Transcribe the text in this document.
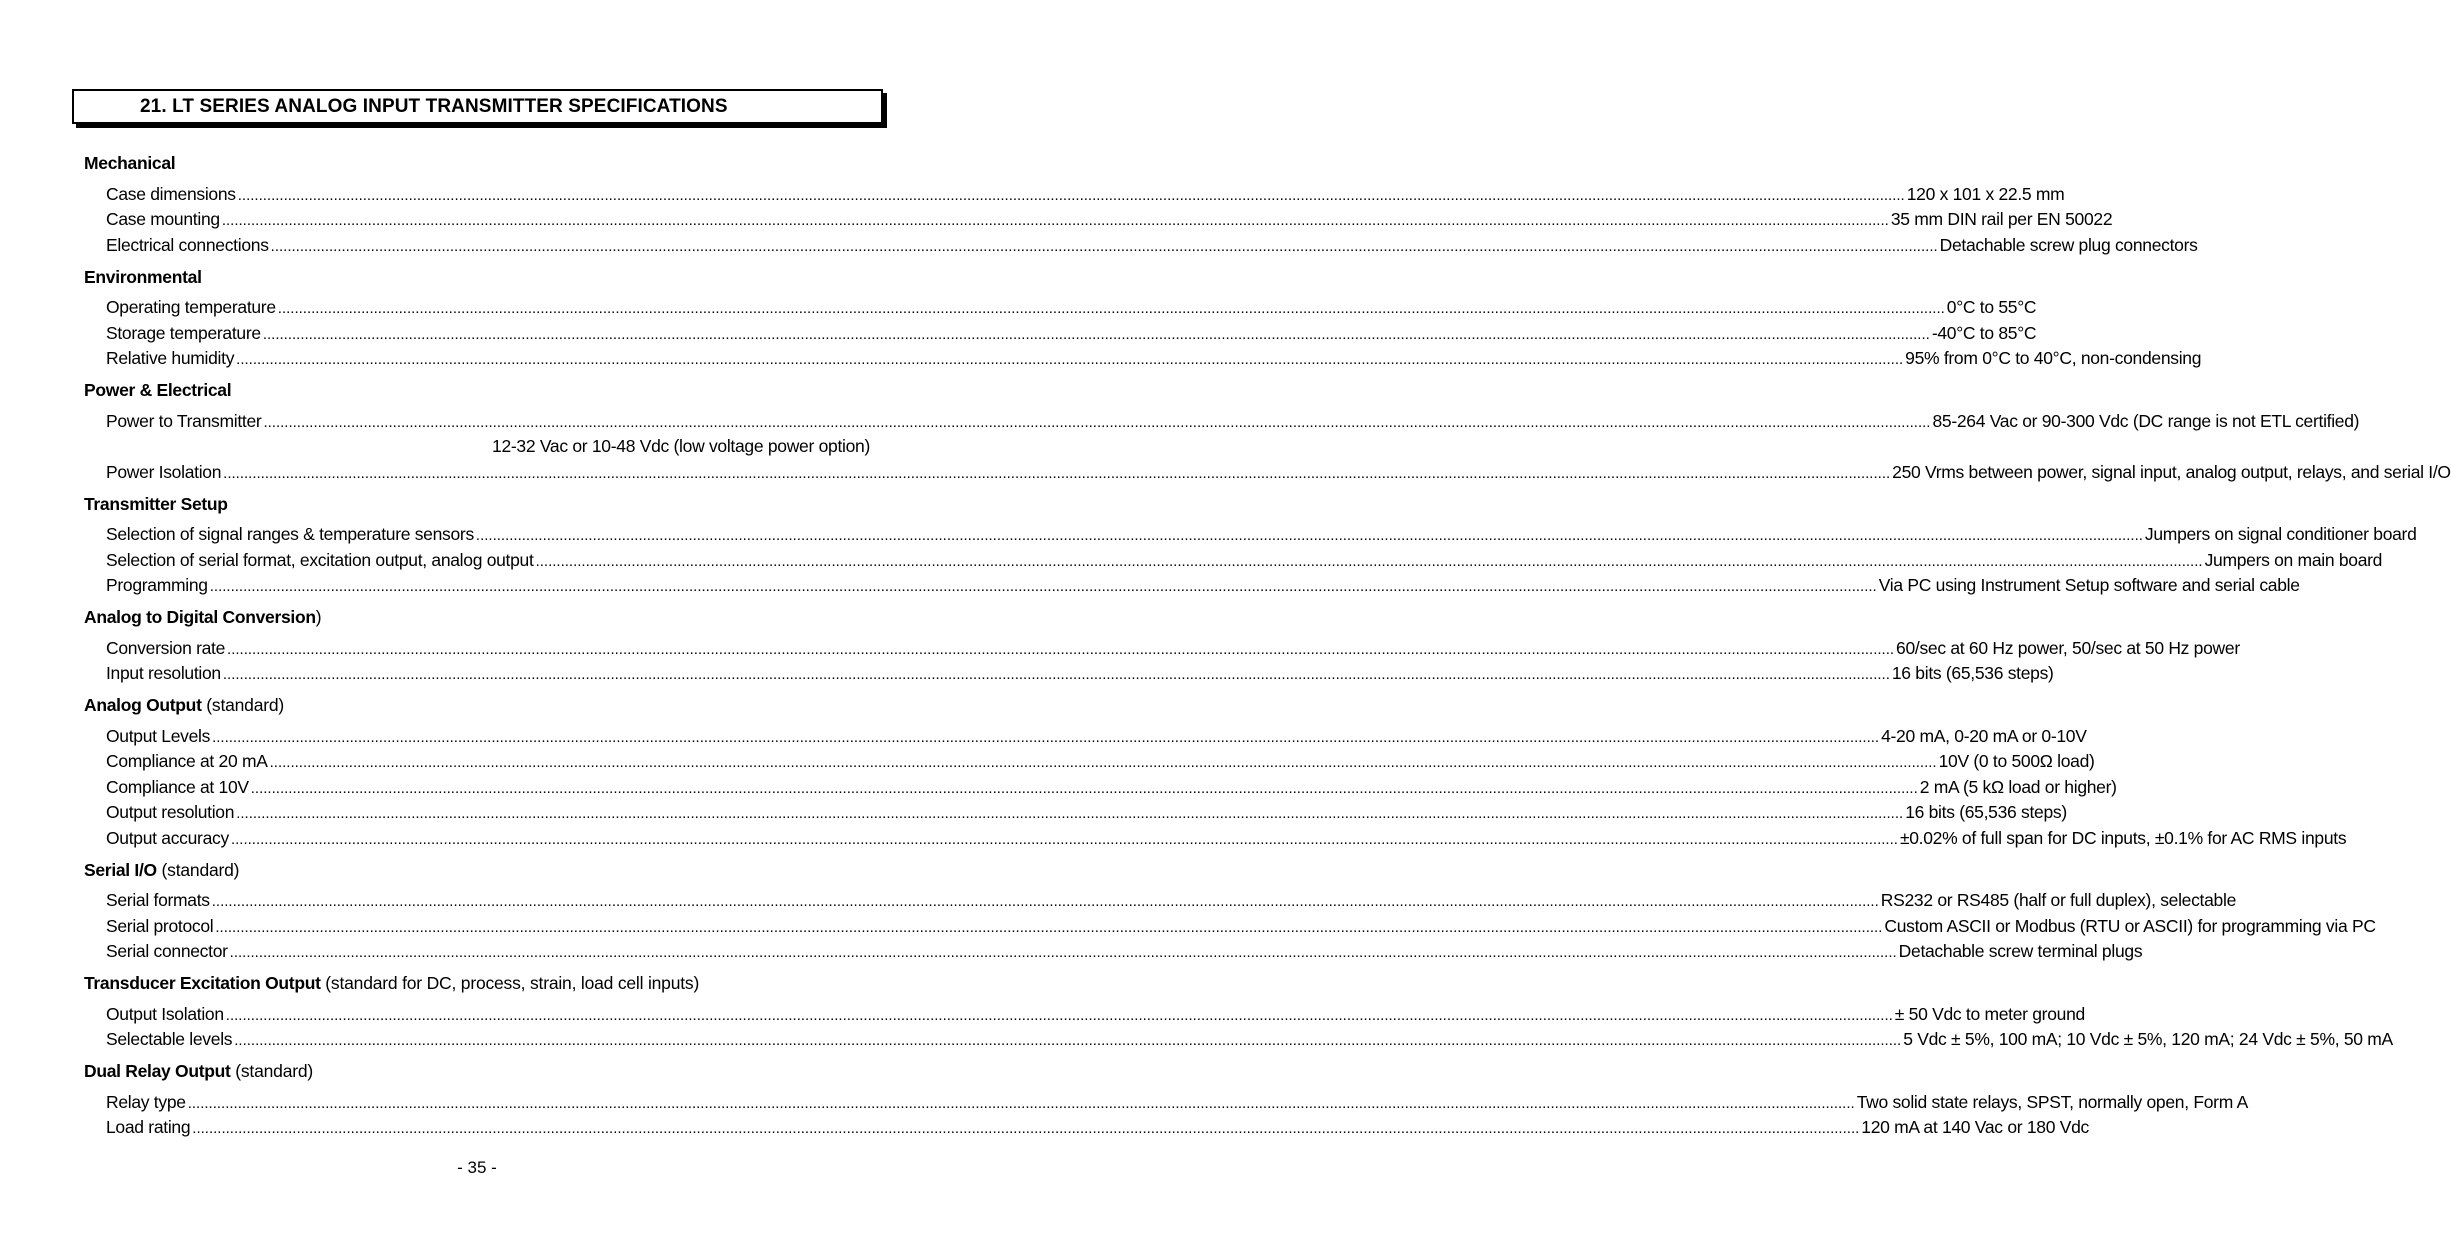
21. LT SERIES ANALOG INPUT TRANSMITTER SPECIFICATIONS
Mechanical
Case dimensions ................................................................................................................................................................................................................................................................................................................................................................................................................ 120 x 101 x 22.5 mm
Case mounting ................................................................................................................................................................................................................................................................................................................................................................................................................ 35 mm DIN rail per EN 50022
Electrical connections ................................................................................................................................................................................................................................................................................................................................................................................................................ Detachable screw plug connectors
Environmental
Operating temperature ................................................................................................................................................................................................................................................................................................................................................................................................................ 0°C to 55°C
Storage temperature ................................................................................................................................................................................................................................................................................................................................................................................................................ -40°C to 85°C
Relative humidity ................................................................................................................................................................................................................................................................................................................................................................................................................ 95% from 0°C to 40°C, non-condensing
Power & Electrical
Power to Transmitter ................................................................................................................................................................................................................................................................................................................................................................................................................ 85-264 Vac or 90-300 Vdc (DC range is not ETL certified)
12-32 Vac or 10-48 Vdc (low voltage power option)
Power Isolation ................................................................................................................................................................................................................................................................................................................................................................................................................ 250 Vrms between power, signal input, analog output, relays, and serial I/O
Transmitter Setup
Selection of signal ranges & temperature sensors ................................................................................................................................................................................................................................................................................................................................................................................................................ Jumpers on signal conditioner board
Selection of serial format, excitation output, analog output ................................................................................................................................................................................................................................................................................................................................................................................................................ Jumpers on main board
Programming ................................................................................................................................................................................................................................................................................................................................................................................................................ Via PC using Instrument Setup software and serial cable
Analog to Digital Conversion)
Conversion rate ................................................................................................................................................................................................................................................................................................................................................................................................................ 60/sec at 60 Hz power, 50/sec at 50 Hz power
Input resolution ................................................................................................................................................................................................................................................................................................................................................................................................................ 16 bits (65,536 steps)
Analog Output (standard)
Output Levels ................................................................................................................................................................................................................................................................................................................................................................................................................ 4-20 mA, 0-20 mA or 0-10V
Compliance at 20 mA ................................................................................................................................................................................................................................................................................................................................................................................................................ 10V (0 to 500Ω load)
Compliance at 10V ................................................................................................................................................................................................................................................................................................................................................................................................................ 2 mA (5 kΩ load or higher)
Output resolution ................................................................................................................................................................................................................................................................................................................................................................................................................ 16 bits (65,536 steps)
Output accuracy ................................................................................................................................................................................................................................................................................................................................................................................................................ ±0.02% of full span for DC inputs, ±0.1% for AC RMS inputs
Serial I/O (standard)
Serial formats ................................................................................................................................................................................................................................................................................................................................................................................................................ RS232 or RS485 (half or full duplex), selectable
Serial protocol ................................................................................................................................................................................................................................................................................................................................................................................................................ Custom ASCII or Modbus (RTU or ASCII) for programming via PC
Serial connector ................................................................................................................................................................................................................................................................................................................................................................................................................ Detachable screw terminal plugs
Transducer Excitation Output (standard for DC, process, strain, load cell inputs)
Output Isolation ................................................................................................................................................................................................................................................................................................................................................................................................................ ± 50 Vdc to meter ground
Selectable levels ................................................................................................................................................................................................................................................................................................................................................................................................................ 5 Vdc ± 5%, 100 mA; 10 Vdc ± 5%, 120 mA; 24 Vdc ± 5%, 50 mA
Dual Relay Output (standard)
Relay type ................................................................................................................................................................................................................................................................................................................................................................................................................ Two solid state relays, SPST, normally open, Form A
Load rating ................................................................................................................................................................................................................................................................................................................................................................................................................ 120 mA at 140 Vac or 180 Vdc
- 35 -
